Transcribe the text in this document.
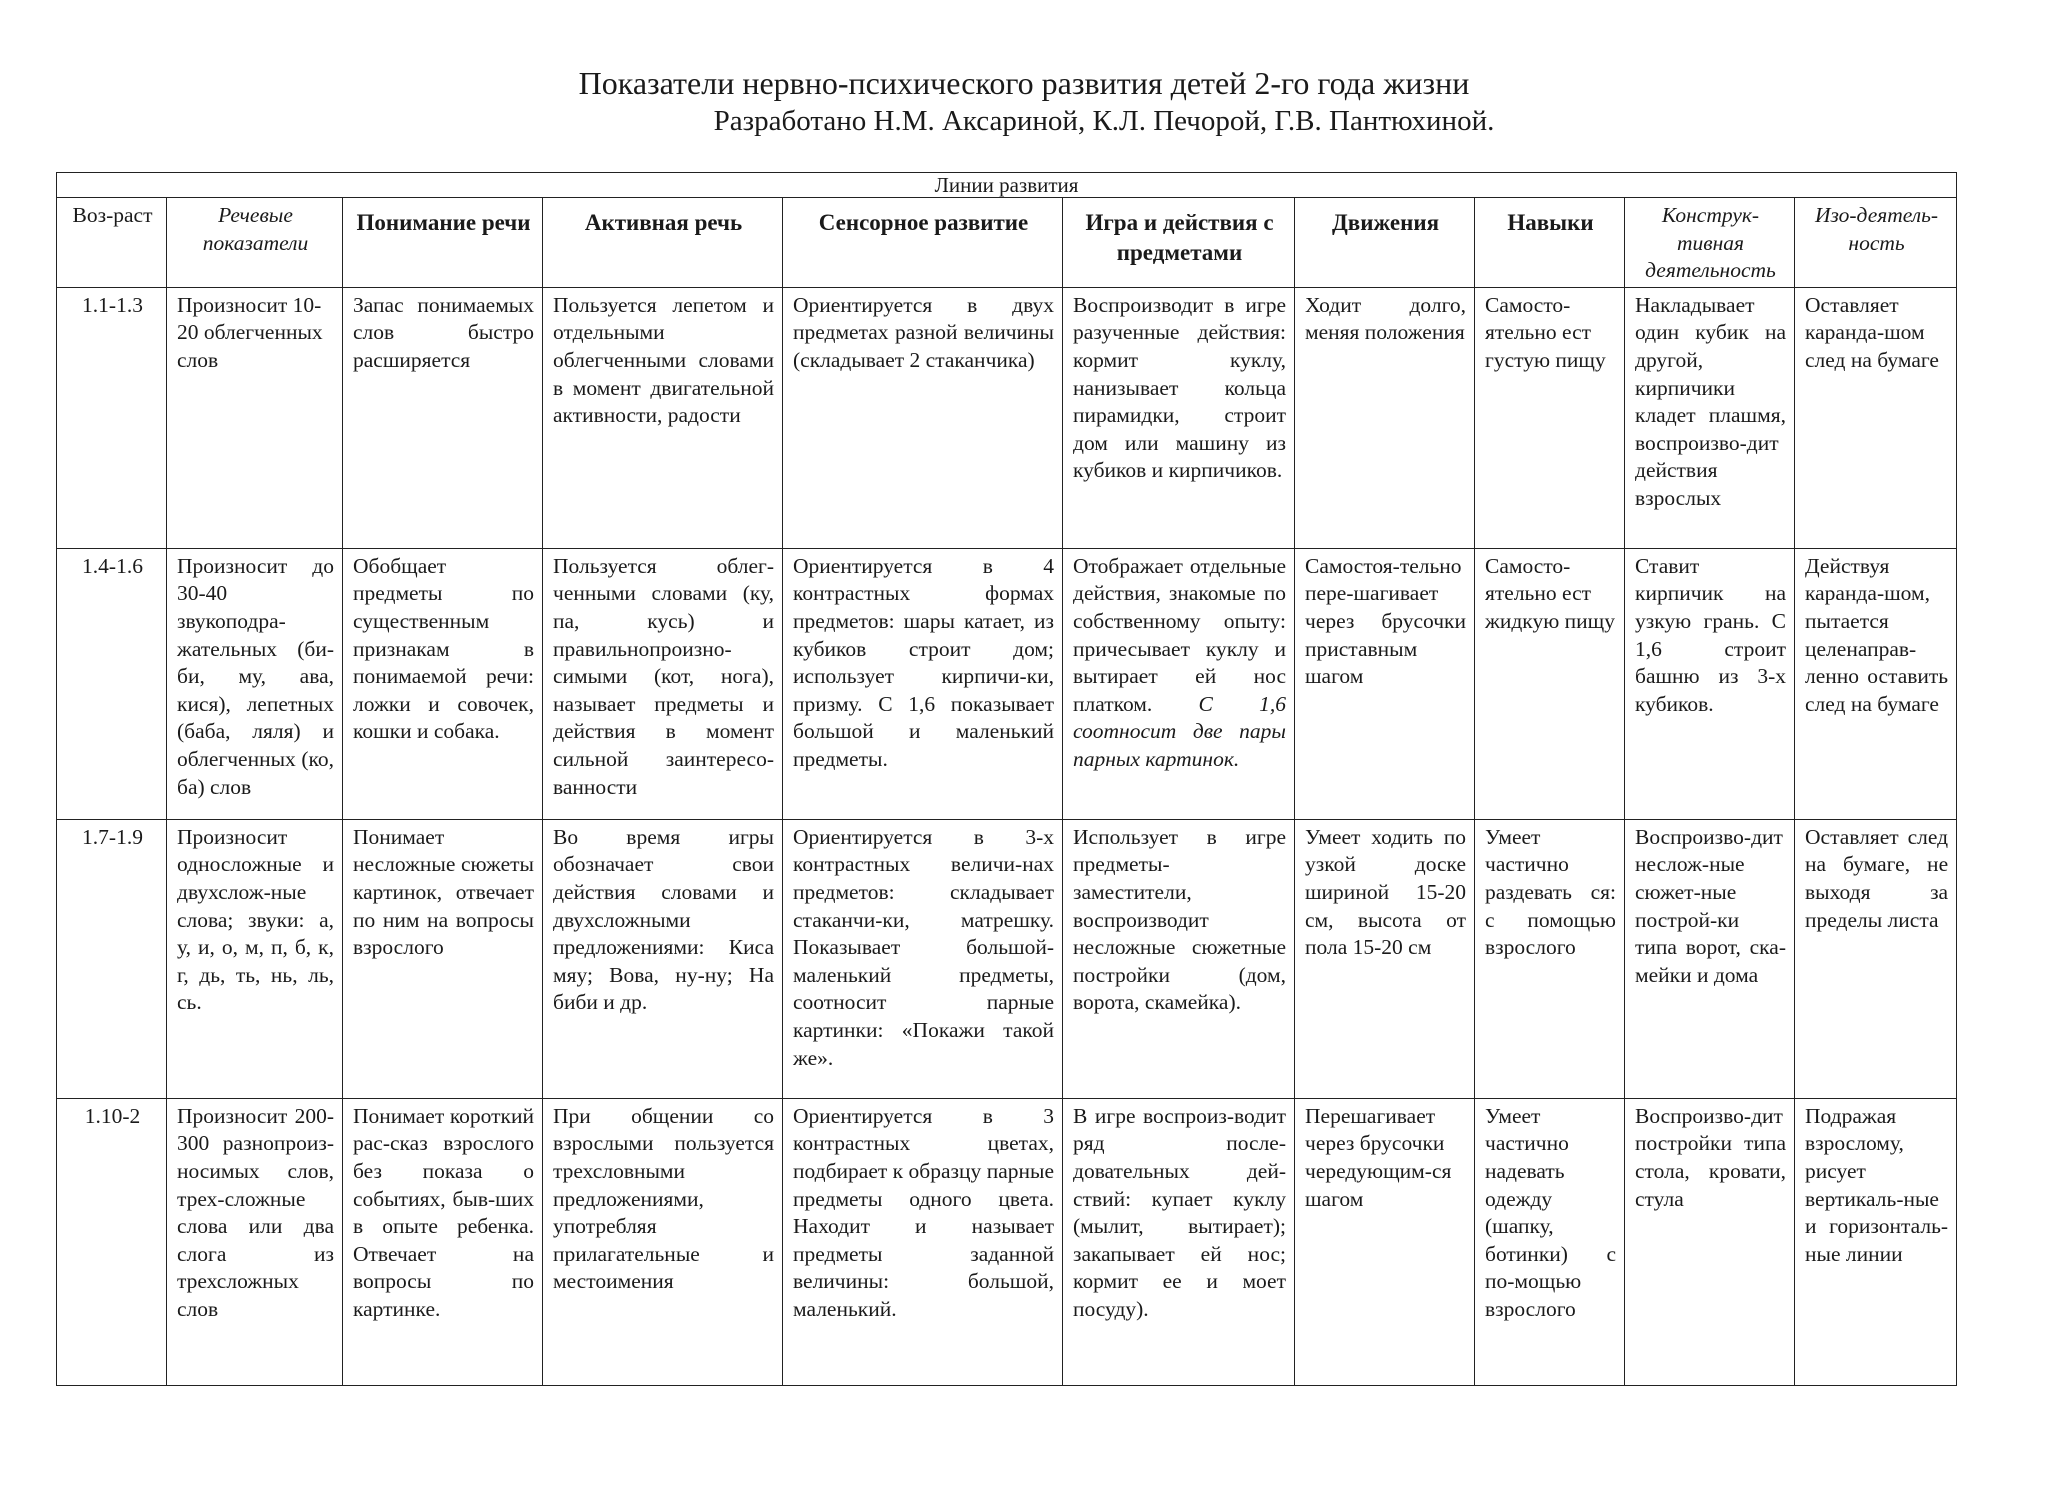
Показатели нервно-психического развития детей 2-го года жизни
Разработано Н.М. Аксариной, К.Л. Печорой, Г.В. Пантюхиной.
Линии развития									
Воз-раст	Речевые показатели	Понимание речи	Активная речь	Сенсорное развитие	Игра и действия с предметами	Движения	Навыки	Конструк-тивная деятельность	Изо-деятель-ность
1.1-1.3	Произносит 10-20 облегченных слов	Запас понимаемых слов быстро расширяется	Пользуется лепетом и отдельными облегченными словами в момент двигательной активности, радости	Ориентируется в двух предметах разной величины (складывает 2 стаканчика)	Воспроизводит в игре разученные действия: кормит куклу, нанизывает кольца пирамидки, строит дом или машину из кубиков и кирпичиков.	Ходит долго, меняя положения	Самосто-ятельно ест густую пищу	Накладывает один кубик на другой, кирпичики кладет плашмя, воспроизво-дит действия взрослых	Оставляет каранда-шом след на бумаге
1.4-1.6	Произносит до 30-40 звукоподра-жательных (би-би, му, ава, кися), лепетных (баба, ляля) и облегченных (ко, ба) слов	Обобщает предметы по существенным признакам в понимаемой речи: ложки и совочек, кошки и собака.	Пользуется облег-ченными словами (ку, па, кусь) и правильнопроизно-симыми (кот, нога), называет предметы и действия в момент сильной заинтересо-ванности	Ориентируется в 4 контрастных формах предметов: шары катает, из кубиков строит дом; использует кирпичи-ки, призму. С 1,6 показывает большой и маленький предметы.	Отображает отдельные действия, знакомые по собственному опыту: причесывает куклу и вытирает ей нос платком. С 1,6 соотносит две пары парных картинок.	Самостоя-тельно пере-шагивает через брусочки приставным шагом	Самосто-ятельно ест жидкую пищу	Ставит кирпичик на узкую грань. С 1,6 строит башню из 3-х кубиков.	Действуя каранда-шом, пытается целенаправ-ленно оставить след на бумаге
1.7-1.9	Произносит односложные и двухслож-ные слова; звуки: а, у, и, о, м, п, б, к, г, дь, ть, нь, ль, сь.	Понимает несложные сюжеты картинок, отвечает по ним на вопросы взрослого	Во время игры обозначает свои действия словами и двухсложными предложениями: Киса мяу; Вова, ну-ну; На биби и др.	Ориентируется в 3-х контрастных величи-нах предметов: складывает стаканчи-ки, матрешку. Показывает большой-маленький предметы, соотносит парные картинки: «Покажи такой же».	Использует в игре предметы-заместители, воспроизводит несложные сюжетные постройки (дом, ворота, скамейка).	Умеет ходить по узкой доске шириной 15-20 см, высота от пола 15-20 см	Умеет частично раздевать ся: с помощью взрослого	Воспроизво-дит неслож-ные сюжет-ные построй-ки типа ворот, ска-мейки и дома	Оставляет след на бумаге, не выходя за пределы листа
1.10-2	Произносит 200-300 разнопроиз-носимых слов, трех-сложные слова или два слога из трехсложных слов	Понимает короткий рас-сказ взрослого без показа о событиях, быв-ших в опыте ребенка. Отвечает на вопросы по картинке.	При общении со взрослыми пользуется трехсловными предложениями, употребляя прилагательные и местоимения	Ориентируется в 3 контрастных цветах, подбирает к образцу парные предметы одного цвета. Находит и называет предметы заданной величины: большой, маленький.	В игре воспроиз-водит ряд после-довательных дей-ствий: купает куклу (мылит, вытирает); закапывает ей нос; кормит ее и моет посуду).	Перешагивает через брусочки чередующим-ся шагом	Умеет частично надевать одежду (шапку, ботинки) с по-мощью взрослого	Воспроизво-дит постройки типа стола, кровати, стула	Подражая взрослому, рисует вертикаль-ные и горизонталь-ные линии
